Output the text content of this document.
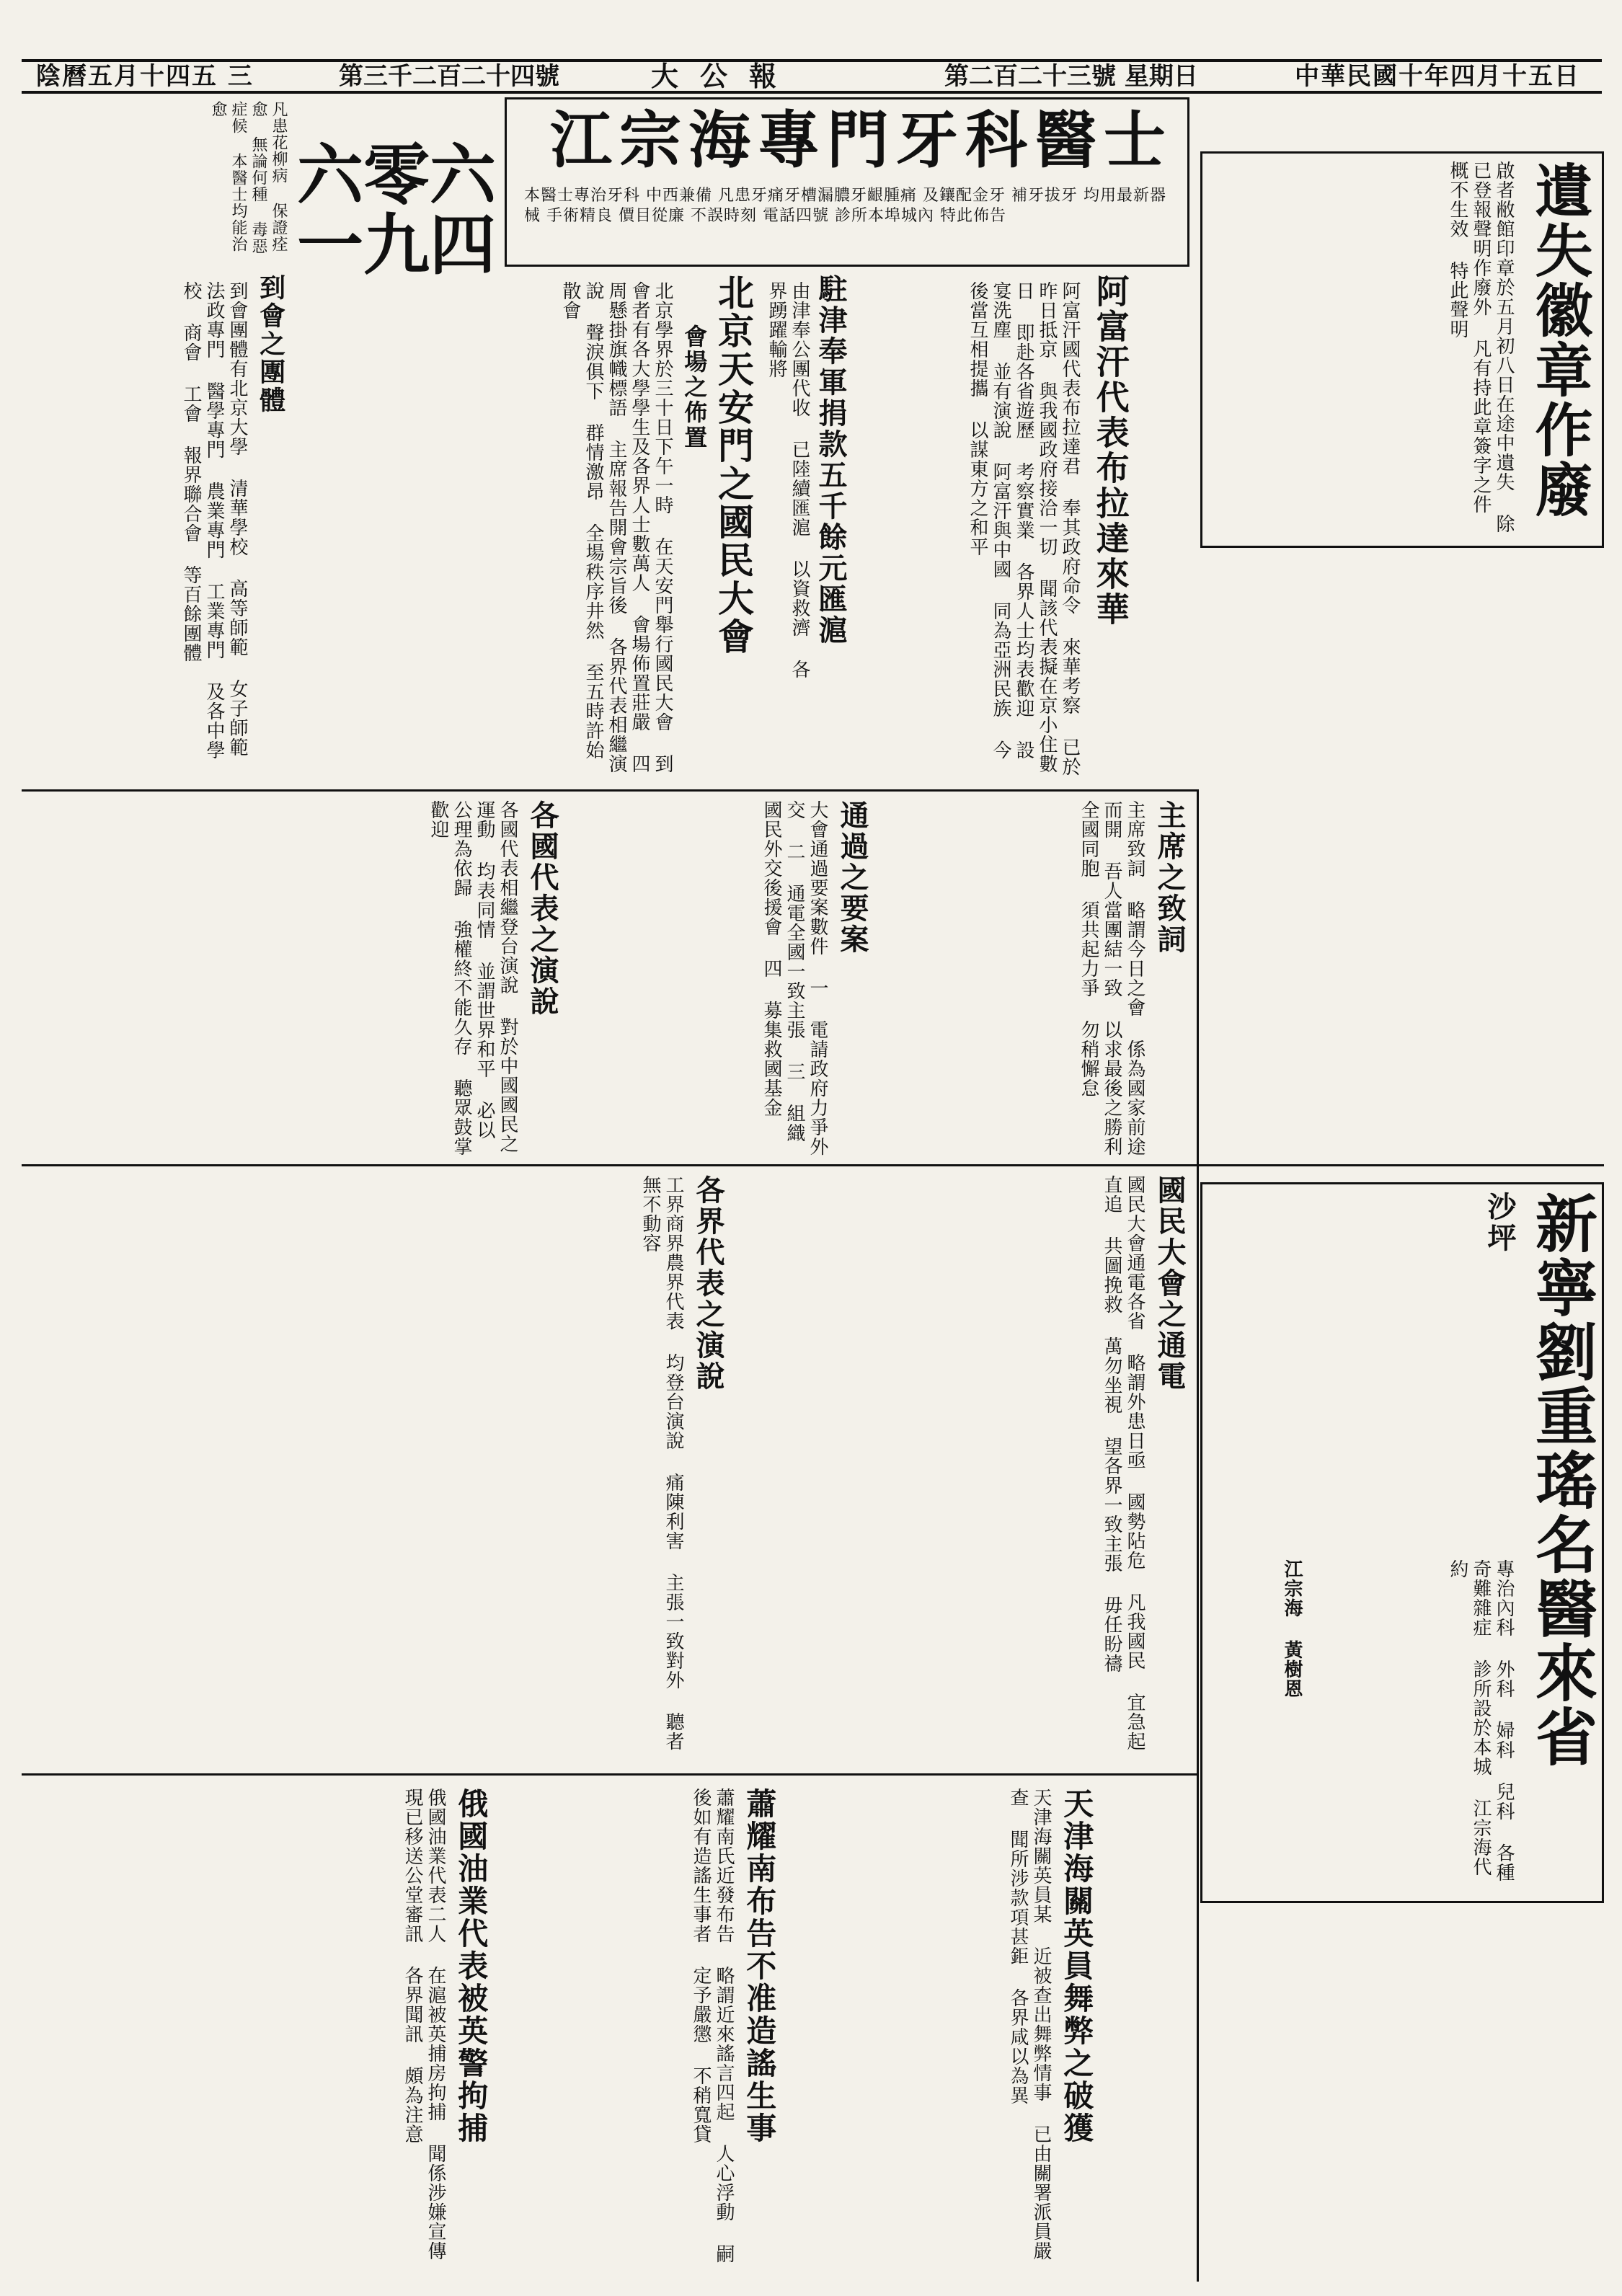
中華民國十年四月十五日
第二百二十三號 星期日
大公報
第三千二百二十四號
陰曆五月十四五 三
江宗海專門牙科醫士
本醫士專治牙科 中西兼備 凡患牙痛牙槽漏膿牙齦腫痛 及鑲配金牙 補牙拔牙 均用最新器械 手術精良 價目從廉 不誤時刻 電話四號 診所本埠城內 特此佈告
六零六一九四
凡患花柳病 保證痊愈 無論何種 毒惡症候 本醫士均能治愈
遺失徽章作廢
啟者敝館印章於五月初八日在途中遺失 除已登報聲明作廢外 凡有持此章簽字之件 概不生效 特此聲明
新寧劉重瑤名醫來省
沙坪
專治內科 外科 婦科 兒科 各種奇難雜症 診所設於本城 江宗海代約
江宗海 黃樹恩
阿富汗代表布拉達來華
阿富汗國代表布拉達君 奉其政府命令 來華考察 已於昨日抵京 與我國政府接洽一切 聞該代表擬在京小住數日 即赴各省遊歷 考察實業 各界人士均表歡迎 設宴洗塵 並有演說 阿富汗與中國 同為亞洲民族 今後當互相提攜 以謀東方之和平
駐津奉軍捐款五千餘元匯滬
由津奉公團代收 已陸續匯滬 以資救濟 各界踴躍輸將
北京天安門之國民大會
會場之佈置
北京學界於三十日下午一時 在天安門舉行國民大會 到會者有各大學學生及各界人士數萬人 會場佈置莊嚴 四周懸掛旗幟標語 主席報告開會宗旨後 各界代表相繼演說 聲淚俱下 群情激昂 全場秩序井然 至五時許始散會
到會之團體
到會團體有北京大學 清華學校 高等師範 女子師範 法政專門 醫學專門 農業專門 工業專門 及各中學校 商會 工會 報界聯合會 等百餘團體
通過之要案
大會通過要案數件 一 電請政府力爭外交 二 通電全國一致主張 三 組織國民外交後援會 四 募集救國基金	主席之致詞
主席致詞 略謂今日之會 係為國家前途而開 吾人當團結一致 以求最後之勝利 全國同胞 須共起力爭 勿稍懈怠
各國代表之演說
各國代表相繼登台演說 對於中國國民之運動 均表同情 並謂世界和平 必以公理為依歸 強權終不能久存 聽眾鼓掌歡迎
國民大會之通電
國民大會通電各省 略謂外患日亟 國勢阽危 凡我國民 宜急起直追 共圖挽救 萬勿坐視 望各界一致主張 毋任盼禱
各界代表之演說
工界商界農界代表 均登台演說 痛陳利害 主張一致對外 聽者無不動容
天津海關英員舞弊之破獲
天津海關英員某 近被查出舞弊情事 已由關署派員嚴查 聞所涉款項甚鉅 各界咸以為異
蕭耀南布告不准造謠生事
蕭耀南氏近發布告 略謂近來謠言四起 人心浮動 嗣後如有造謠生事者 定予嚴懲 不稍寬貸
俄國油業代表被英警拘捕
俄國油業代表二人 在滬被英捕房拘捕 聞係涉嫌宣傳 現已移送公堂審訊 各界聞訊 頗為注意
